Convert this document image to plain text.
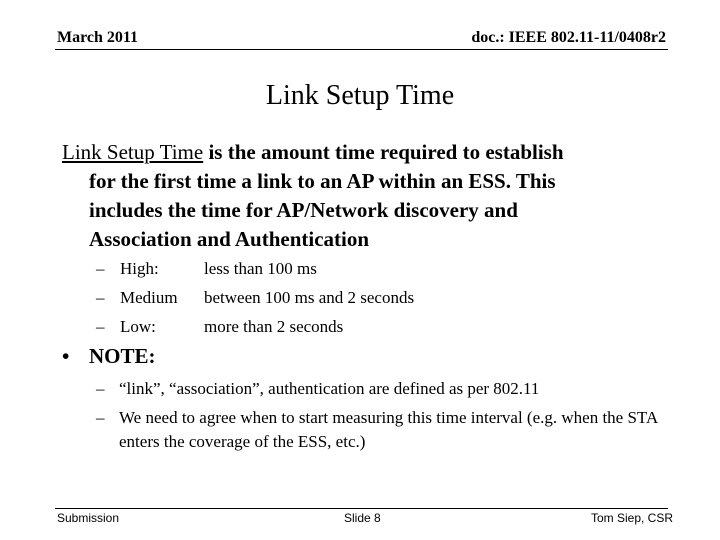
March 2011	doc.: IEEE 802.11-11/0408r2
Link Setup Time
Link Setup Time is the amount time required to establish
for the first time a link to an AP within an ESS. This
includes the time for AP/Network discovery and
Association and Authentication
– High:	less than 100 ms
– Medium between 100 ms and 2 seconds
– Low:	more than 2 seconds
• NOTE:
– “link”, “association”, authentication are defined as per 802.11
– We need to agree when to start measuring this time interval (e.g. when the STA enters the coverage of the ESS, etc.)
Submission	Slide 8	Tom Siep, CSR
